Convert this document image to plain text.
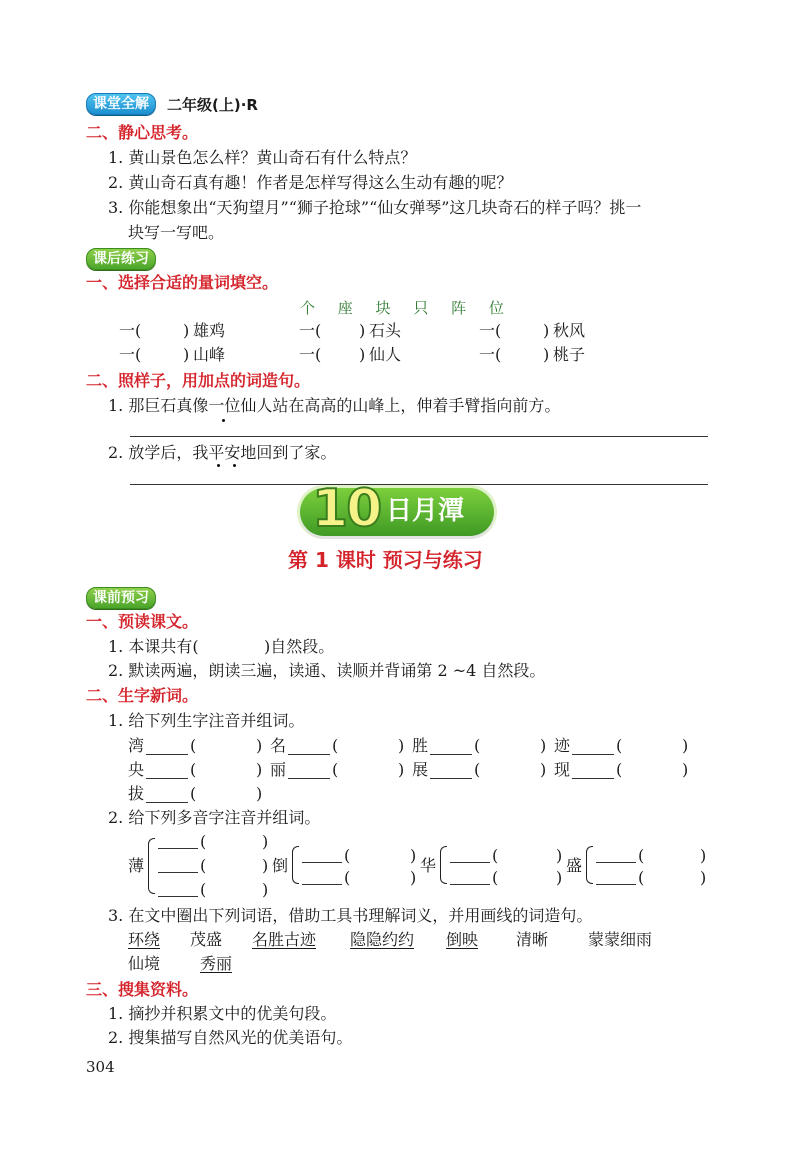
课堂全解	二年级(上)·R
二、静心思考。
1. 黄山景色怎么样？黄山奇石有什么特点？
2. 黄山奇石真有趣！作者是怎样写得这么生动有趣的呢？
3. 你能想象出“天狗望月”“狮子抢球”“仙女弹琴”这几块奇石的样子吗？挑一
块写一写吧。
课后练习
一、选择合适的量词填空。
个 座 块 只 阵 位
一(	) 雄鸡	一( ) 石头	一(	) 秋风
一(	) 山峰	一( ) 仙人	一(	) 桃子
二、照样子，用加点的词造句。
1. 那巨石真像一位仙人站在高高的山峰上，伸着手臂指向前方。
2. 放学后，我平安地回到了家。
10 日月潭
第 1 课时 预习与练习
课前预习
一、预读课文。
1. 本课共有(	)自然段。
2. 默读两遍，朗读三遍，读通、读顺并背诵第 2 ~4 自然段。
二、生字新词。
1. 给下列生字注音并组词。
湾	(	) 名	(	) 胜	(	) 迹	(	)
央	(	) 丽	(	) 展	(	) 现	(	)
拔	(	)
2. 给下列多音字注音并组词。
薄
(	)
(	)
(	)
倒
(	)
(	)
华
(	)
(	)
盛
(	)
(	)
3. 在文中圈出下列词语，借助工具书理解词义，并用画线的词造句。
环绕 茂盛 名胜古迹 隐隐约约 倒映 清晰 蒙蒙细雨
仙境 秀丽
三、搜集资料。
1. 摘抄并积累文中的优美句段。
2. 搜集描写自然风光的优美语句。
304
